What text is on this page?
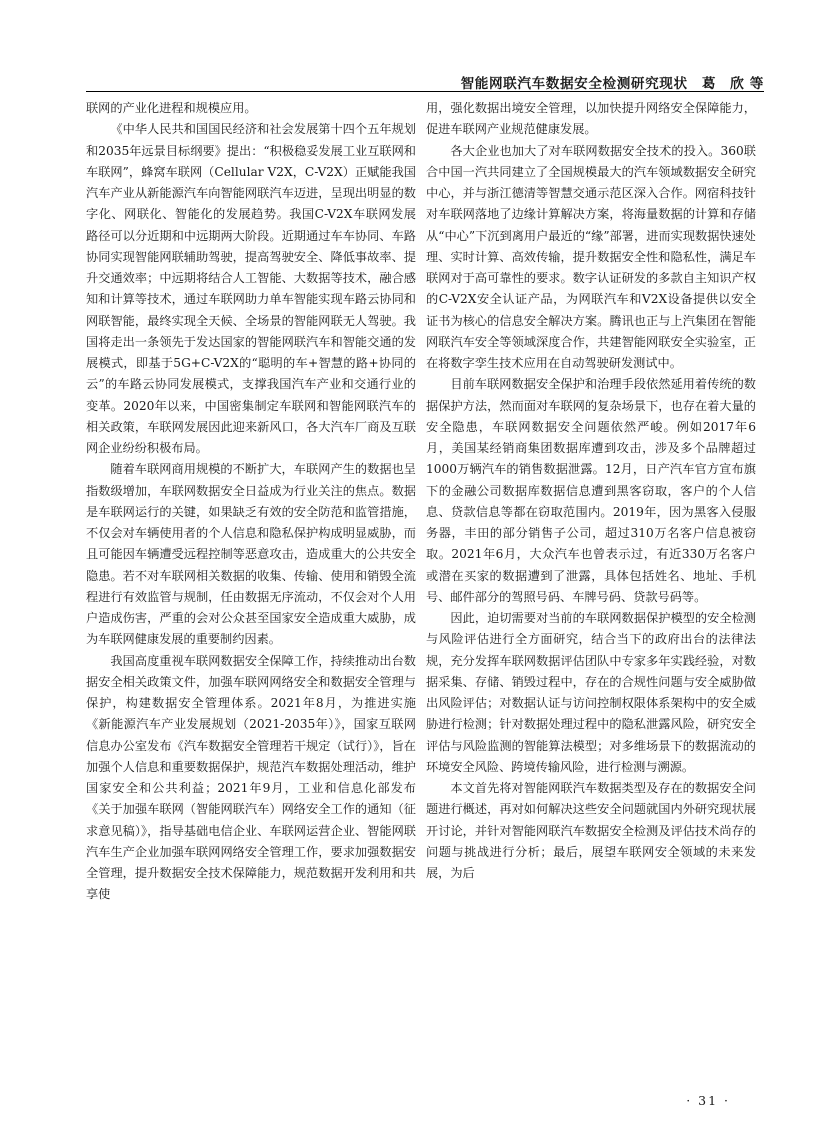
智能网联汽车数据安全检测研究现状　葛　欣 等

联网的产业化进程和规模应用。

《中华人民共和国国民经济和社会发展第十四个五年规划和2035年远景目标纲要》提出：“积极稳妥发展工业互联网和车联网”，蜂窝车联网（Cellular V2X，C-V2X）正赋能我国汽车产业从新能源汽车向智能网联汽车迈进，呈现出明显的数字化、网联化、智能化的发展趋势。我国C-V2X车联网发展路径可以分近期和中远期两大阶段。近期通过车车协同、车路协同实现智能网联辅助驾驶，提高驾驶安全、降低事故率、提升交通效率；中远期将结合人工智能、大数据等技术，融合感知和计算等技术，通过车联网助力单车智能实现车路云协同和网联智能，最终实现全天候、全场景的智能网联无人驾驶。我国将走出一条领先于发达国家的智能网联汽车和智能交通的发展模式，即基于5G+C-V2X的“聪明的车+智慧的路+协同的云”的车路云协同发展模式，支撑我国汽车产业和交通行业的变革。2020年以来，中国密集制定车联网和智能网联汽车的相关政策，车联网发展因此迎来新风口，各大汽车厂商及互联网企业纷纷积极布局。

随着车联网商用规模的不断扩大，车联网产生的数据也呈指数级增加，车联网数据安全日益成为行业关注的焦点。数据是车联网运行的关键，如果缺乏有效的安全防范和监管措施，不仅会对车辆使用者的个人信息和隐私保护构成明显威胁，而且可能因车辆遭受远程控制等恶意攻击，造成重大的公共安全隐患。若不对车联网相关数据的收集、传输、使用和销毁全流程进行有效监管与规制，任由数据无序流动，不仅会对个人用户造成伤害，严重的会对公众甚至国家安全造成重大威胁，成为车联网健康发展的重要制约因素。

我国高度重视车联网数据安全保障工作，持续推动出台数据安全相关政策文件，加强车联网网络安全和数据安全管理与保护，构建数据安全管理体系。2021年8月，为推进实施《新能源汽车产业发展规划（2021-2035年）》，国家互联网信息办公室发布《汽车数据安全管理若干规定（试行）》，旨在加强个人信息和重要数据保护，规范汽车数据处理活动，维护国家安全和公共利益；2021年9月，工业和信息化部发布《关于加强车联网（智能网联汽车）网络安全工作的通知（征求意见稿）》，指导基础电信企业、车联网运营企业、智能网联汽车生产企业加强车联网网络安全管理工作，要求加强数据安全管理，提升数据安全技术保障能力，规范数据开发利用和共享使

用，强化数据出境安全管理，以加快提升网络安全保障能力，促进车联网产业规范健康发展。

各大企业也加大了对车联网数据安全技术的投入。360联合中国一汽共同建立了全国规模最大的汽车领域数据安全研究中心，并与浙江德清等智慧交通示范区深入合作。网宿科技针对车联网落地了边缘计算解决方案，将海量数据的计算和存储从“中心”下沉到离用户最近的“缘”部署，进而实现数据快速处理、实时计算、高效传输，提升数据安全性和隐私性，满足车联网对于高可靠性的要求。数字认证研发的多款自主知识产权的C-V2X安全认证产品，为网联汽车和V2X设备提供以安全证书为核心的信息安全解决方案。腾讯也正与上汽集团在智能网联汽车安全等领域深度合作，共建智能网联安全实验室，正在将数字孪生技术应用在自动驾驶研发测试中。

目前车联网数据安全保护和治理手段依然延用着传统的数据保护方法，然而面对车联网的复杂场景下，也存在着大量的安全隐患，车联网数据安全问题依然严峻。例如2017年6月，美国某经销商集团数据库遭到攻击，涉及多个品牌超过1000万辆汽车的销售数据泄露。12月，日产汽车官方宣布旗下的金融公司数据库数据信息遭到黑客窃取，客户的个人信息、贷款信息等都在窃取范围内。2019年，因为黑客入侵服务器，丰田的部分销售子公司，超过310万名客户信息被窃取。2021年6月，大众汽车也曾表示过，有近330万名客户或潜在买家的数据遭到了泄露，具体包括姓名、地址、手机号、邮件部分的驾照号码、车牌号码、贷款号码等。

因此，迫切需要对当前的车联网数据保护模型的安全检测与风险评估进行全方面研究，结合当下的政府出台的法律法规，充分发挥车联网数据评估团队中专家多年实践经验，对数据采集、存储、销毁过程中，存在的合规性问题与安全威胁做出风险评估；对数据认证与访问控制权限体系架构中的安全威胁进行检测；针对数据处理过程中的隐私泄露风险，研究安全评估与风险监测的智能算法模型；对多维场景下的数据流动的环境安全风险、跨境传输风险，进行检测与溯源。

本文首先将对智能网联汽车数据类型及存在的数据安全问题进行概述，再对如何解决这些安全问题就国内外研究现状展开讨论，并针对智能网联汽车数据安全检测及评估技术尚存的问题与挑战进行分析；最后，展望车联网安全领域的未来发展，为后

· 31 ·
